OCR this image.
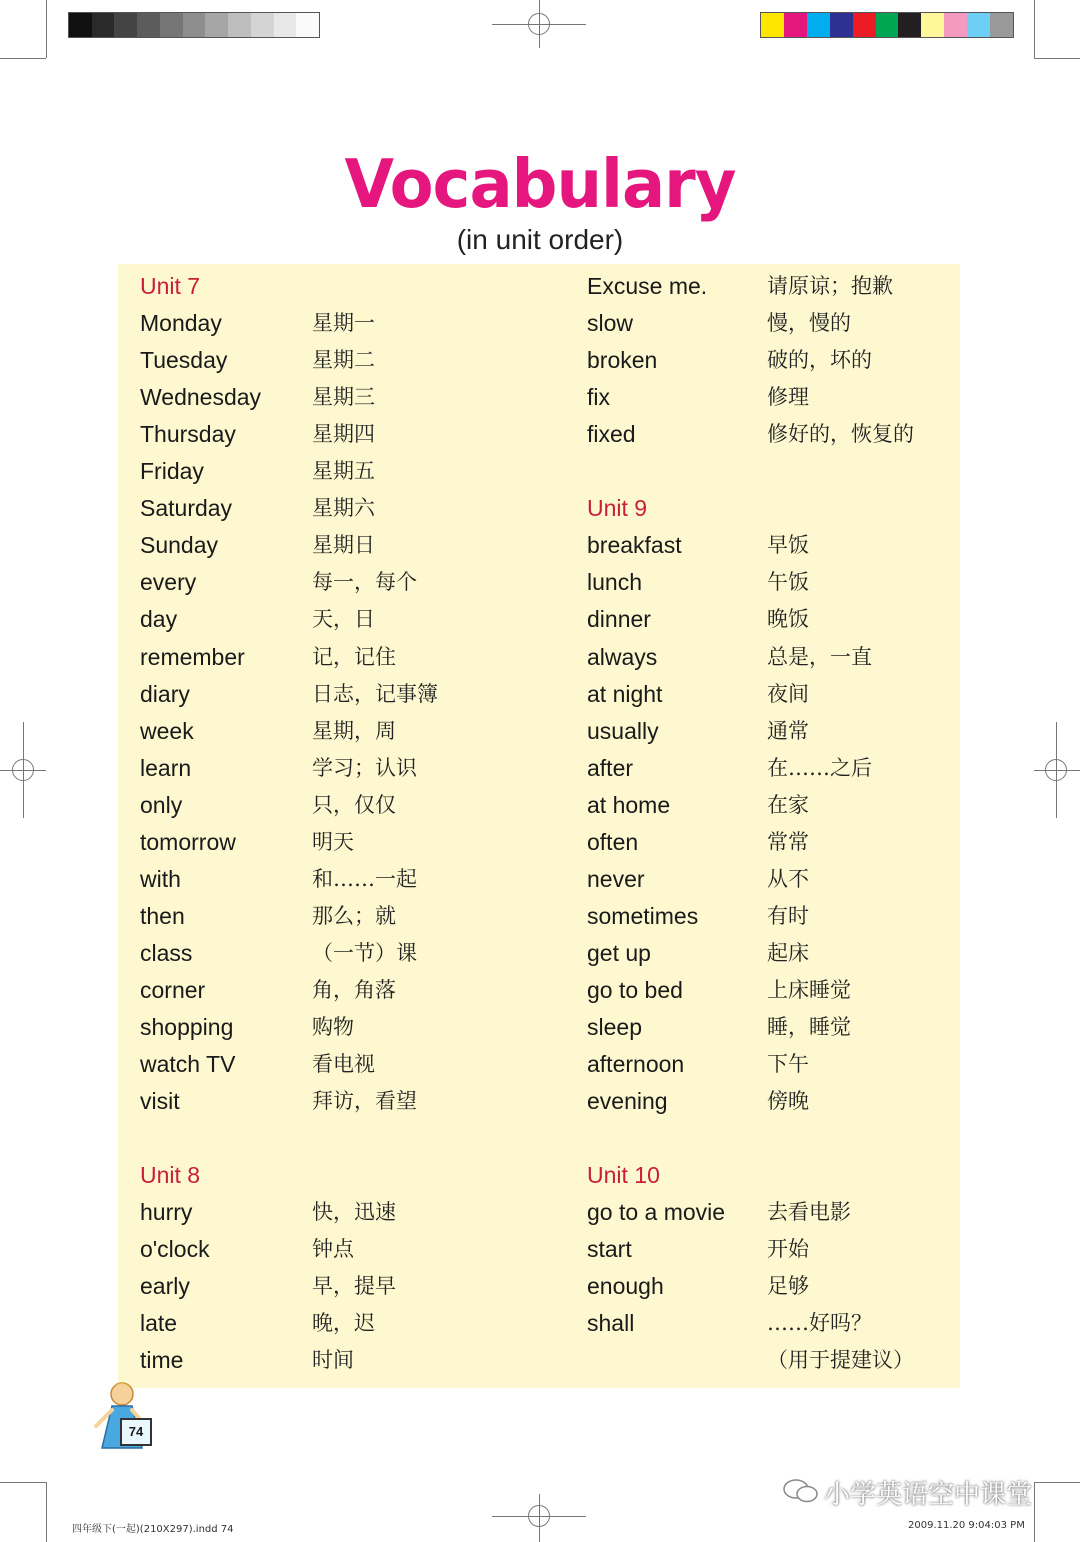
Vocabulary
(in unit order)
Unit 7
Monday	星期一
Tuesday	星期二
Wednesday 星期三
Thursday	星期四
Friday	星期五
Saturday	星期六
Sunday	星期日
every	每一，每个
day	天，日
remember	记，记住
diary	日志，记事簿
week	星期，周
learn	学习；认识
only	只，仅仅
tomorrow	明天
with	和……一起
then	那么；就
class	（一节）课
corner	角，角落
shopping	购物
watch TV	看电视
visit	拜访，看望
Unit 8
hurry	快，迅速
o'clock	钟点
early	早，提早
late	晚，迟
time	时间
Excuse me.	请原谅；抱歉
slow	慢，慢的
broken	破的，坏的
fix	修理
fixed	修好的，恢复的
Unit 9
breakfast	早饭
lunch	午饭
dinner	晚饭
always	总是，一直
at night	夜间
usually	通常
after	在……之后
at home	在家
often	常常
never	从不
sometimes	有时
get up	起床
go to bed	上床睡觉
sleep	睡，睡觉
afternoon	下午
evening	傍晚
Unit 10
go to a movie 去看电影
start	开始
enough	足够
shall	……好吗？
（用于提建议）
74
小学英语空中课堂
四年级下(一起)(210X297).indd 74	2009.11.20 9:04:03 PM
